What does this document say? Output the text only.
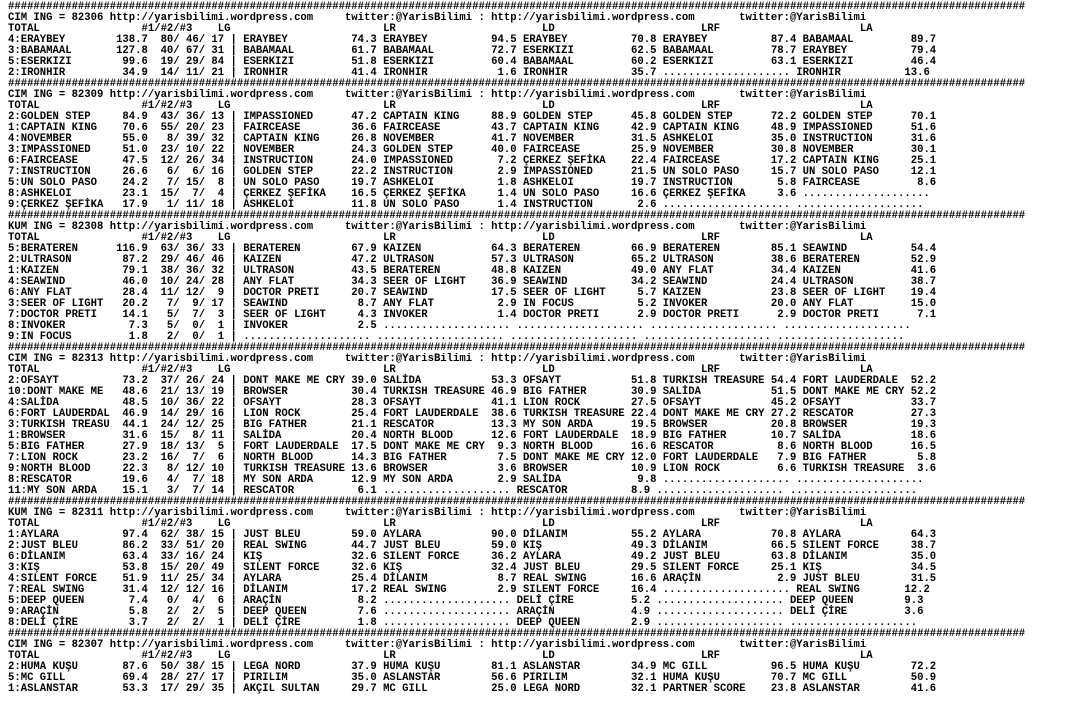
################################################################################################################################################################
CIM ING = 82306 http://yarisbilimi.wordpress.com     twitter:@YarisBilimi : http://yarisbilimi.wordpress.com       twitter:@YarisBilimi
TOTAL                #1/#2/#3    LG                        LR                       LD                       LRF                      LA
4:ERAYBEY        138.7  80/ 46/ 17 | ERAYBEY          74.3 ERAYBEY          94.5 ERAYBEY          70.8 ERAYBEY          87.4 BABAMAAL         89.7
3:BABAMAAL       127.8  40/ 67/ 31 | BABAMAAL         61.7 BABAMAAL         72.7 ESERKIZI         62.5 BABAMAAL         78.7 ERAYBEY          79.4
5:ESERKIZI        99.6  19/ 29/ 84 | ESERKIZI         51.8 ESERKIZI         60.4 BABAMAAL         60.2 ESERKIZI         63.1 ESERKIZI         46.4
2:IRONHIR         34.9  14/ 11/ 21 | IRONHIR          41.4 IRONHIR           1.6 IRONHIR          35.7 .................... IRONHIR          13.6
################################################################################################################################################################
CIM ING = 82309 http://yarisbilimi.wordpress.com     twitter:@YarisBilimi : http://yarisbilimi.wordpress.com       twitter:@YarisBilimi
TOTAL                #1/#2/#3    LG                        LR                       LD                       LRF                      LA
2:GOLDEN STEP     84.9  43/ 36/ 13 | IMPASSIONED      47.2 CAPTAIN KING     88.9 GOLDEN STEP      45.8 GOLDEN STEP      72.2 GOLDEN STEP      70.1
1:CAPTAIN KING    70.6  55/ 20/ 23 | FAIRCEASE        36.6 FAIRCEASE        43.7 CAPTAIN KING     42.9 CAPTAIN KING     48.9 IMPASSIONED      51.6
4:NOVEMBER        55.0   8/ 39/ 32 | CAPTAIN KING     26.8 NOVEMBER         41.7 NOVEMBER         31.5 ASHKELOI         35.0 INSTRUCTION      31.6
3:IMPASSIONED     51.0  23/ 10/ 22 | NOVEMBER         24.3 GOLDEN STEP      40.0 FAIRCEASE        25.9 NOVEMBER         30.8 NOVEMBER         30.1
6:FAIRCEASE       47.5  12/ 26/ 34 | INSTRUCTION      24.0 IMPASSIONED       7.2 ÇERKEZ ŞEFİKA    22.4 FAIRCEASE        17.2 CAPTAIN KING     25.1
7:INSTRUCTION     26.6   6/  6/ 16 | GOLDEN STEP      22.2 INSTRUCTION       2.9 IMPASSIONED      21.5 UN SOLO PASO     15.7 UN SOLO PASO     12.1
5:UN SOLO PASO    24.2   7/ 15/  8 | UN SOLO PASO     19.7 ASHKELOI          1.8 ASHKELOI         19.7 INSTRUCTION       5.8 FAIRCEASE         8.6
8:ASHKELOI        23.1  15/  7/  4 | ÇERKEZ ŞEFİKA    16.5 ÇERKEZ ŞEFİKA     1.4 UN SOLO PASO     16.6 ÇERKEZ ŞEFİKA     3.6 ....................
9:ÇERKEZ ŞEFİKA   17.9   1/ 11/ 18 | ASHKELOI         11.8 UN SOLO PASO      1.4 INSTRUCTION       2.6 .................... ....................
################################################################################################################################################################
KUM ING = 82308 http://yarisbilimi.wordpress.com     twitter:@YarisBilimi : http://yarisbilimi.wordpress.com       twitter:@YarisBilimi
TOTAL                #1/#2/#3    LG                        LR                       LD                       LRF                      LA
5:BERATEREN      116.9  63/ 36/ 33 | BERATEREN        67.9 KAIZEN           64.3 BERATEREN        66.9 BERATEREN        85.1 SEAWIND          54.4
2:ULTRASON        87.2  29/ 46/ 46 | KAIZEN           47.2 ULTRASON         57.3 ULTRASON         65.2 ULTRASON         38.6 BERATEREN        52.9
1:KAIZEN          79.1  38/ 36/ 32 | ULTRASON         43.5 BERATEREN        48.8 KAIZEN           49.0 ANY FLAT         34.4 KAIZEN           41.6
4:SEAWIND         46.0  10/ 24/ 28 | ANY FLAT         34.3 SEER OF LIGHT    36.9 SEAWIND          34.2 SEAWIND          24.4 ULTRASON         38.7
6:ANY FLAT        28.4  11/ 12/  9 | DOCTOR PRETI     20.7 SEAWIND          17.5 SEER OF LIGHT     5.7 KAIZEN           23.8 SEER OF LIGHT    19.4
3:SEER OF LIGHT   20.2   7/  9/ 17 | SEAWIND           8.7 ANY FLAT          2.9 IN FOCUS          5.2 INVOKER          20.0 ANY FLAT         15.0
7:DOCTOR PRETI    14.1   5/  7/  3 | SEER OF LIGHT     4.3 INVOKER           1.4 DOCTOR PRETI      2.9 DOCTOR PRETI      2.9 DOCTOR PRETI      7.1
8:INVOKER          7.3   5/  0/  1 | INVOKER           2.5 .................... .................... .................... ....................
9:IN FOCUS         1.8   2/  0/  1 | .................... .................... .................... .................... ....................
################################################################################################################################################################
CIM ING = 82313 http://yarisbilimi.wordpress.com     twitter:@YarisBilimi : http://yarisbilimi.wordpress.com       twitter:@YarisBilimi
TOTAL                #1/#2/#3    LG                        LR                       LD                       LRF                      LA
2:OFSAYT          73.2  37/ 26/ 24 | DONT MAKE ME CRY 39.0 SALİDA           53.3 OFSAYT           51.8 TURKISH TREASURE 54.4 FORT LAUDERDALE  52.2
10:DONT MAKE ME   48.6  21/ 13/ 19 | BROWSER          30.4 TURKISH TREASURE 46.9 BIG FATHER       30.9 SALİDA           51.5 DONT MAKE ME CRY 52.2
4:SALİDA          48.5  10/ 36/ 22 | OFSAYT           28.3 OFSAYT           41.1 LION ROCK        27.5 OFSAYT           45.2 OFSAYT           33.7
6:FORT LAUDERDAL  46.9  14/ 29/ 16 | LION ROCK        25.4 FORT LAUDERDALE  38.6 TURKISH TREASURE 22.4 DONT MAKE ME CRY 27.2 RESCATOR         27.3
3:TURKISH TREASU  44.1  24/ 12/ 25 | BIG FATHER       21.1 RESCATOR         13.3 MY SON ARDA      19.5 BROWSER          20.8 BROWSER          19.3
1:BROWSER         31.6  15/  8/ 11 | SALİDA           20.4 NORTH BLOOD      12.6 FORT LAUDERDALE  18.9 BIG FATHER       10.7 SALİDA           18.6
5:BIG FATHER      27.9  18/ 13/  5 | FORT LAUDERDALE  17.5 DONT MAKE ME CRY  9.3 NORTH BLOOD      16.6 RESCATOR          8.6 NORTH BLOOD      16.5
7:LION ROCK       23.2  16/  7/  6 | NORTH BLOOD      14.3 BIG FATHER        7.5 DONT MAKE ME CRY 12.0 FORT LAUDERDALE   7.9 BIG FATHER        5.8
9:NORTH BLOOD     22.3   8/ 12/ 10 | TURKISH TREASURE 13.6 BROWSER           3.6 BROWSER          10.9 LION ROCK         6.6 TURKISH TREASURE  3.6
8:RESCATOR        19.6   4/  7/ 18 | MY SON ARDA      12.9 MY SON ARDA       2.9 SALİDA            9.8 .................... ....................
11:MY SON ARDA    15.1   3/  7/ 14 | RESCATOR          6.1 .................... RESCATOR          8.9 .................... ....................
################################################################################################################################################################
KUM ING = 82311 http://yarisbilimi.wordpress.com     twitter:@YarisBilimi : http://yarisbilimi.wordpress.com       twitter:@YarisBilimi
TOTAL                #1/#2/#3    LG                        LR                       LD                       LRF                      LA
1:AYLARA          97.4  62/ 38/ 15 | JUST BLEU        59.0 AYLARA           90.0 DİLANIM          55.2 AYLARA           70.8 AYLARA           64.3
2:JUST BLEU       86.2  33/ 51/ 20 | REAL SWING       44.7 JUST BLEU        59.0 KIŞ              49.3 DİLANIM          66.5 SILENT FORCE     38.7
6:DİLANIM         63.4  33/ 16/ 24 | KIŞ              32.6 SILENT FORCE     36.2 AYLARA           49.2 JUST BLEU        63.8 DİLANIM          35.0
3:KIŞ             53.8  15/ 20/ 49 | SILENT FORCE     32.6 KIŞ              32.4 JUST BLEU        29.5 SILENT FORCE     25.1 KIŞ              34.5
4:SILENT FORCE    51.9  11/ 25/ 34 | AYLARA           25.4 DİLANIM           8.7 REAL SWING       16.6 ARAÇİN            2.9 JUST BLEU        31.5
7:REAL SWING      31.4  12/ 12/ 16 | DİLANIM          17.2 REAL SWING        2.9 SILENT FORCE     16.4 .................... REAL SWING       12.2
5:DEEP QUEEN       7.4   0/  4/  6 | ARAÇİN            8.2 .................... DELİ ÇİRE         5.2 .................... DEEP QUEEN        9.3
9:ARAÇİN           5.8   2/  2/  5 | DEEP QUEEN        7.6 .................... ARAÇİN            4.9 .................... DELİ ÇİRE         3.6
8:DELİ ÇİRE        3.7   2/  2/  1 | DELİ ÇİRE         1.8 .................... DEEP QUEEN        2.9 .................... ....................
################################################################################################################################################################
CIM ING = 82307 http://yarisbilimi.wordpress.com     twitter:@YarisBilimi : http://yarisbilimi.wordpress.com       twitter:@YarisBilimi
TOTAL                #1/#2/#3    LG                        LR                       LD                       LRF                      LA
2:HUMA KUŞU       87.6  50/ 38/ 15 | LEGA NORD        37.9 HUMA KUŞU        81.1 ASLANSTAR        34.9 MC GILL          96.5 HUMA KUŞU        72.2
5:MC GILL         69.4  28/ 27/ 17 | PIRILIM          35.0 ASLANSTAR        56.6 PIRILIM          32.1 HUMA KUŞU        70.7 MC GILL          50.9
1:ASLANSTAR       53.3  17/ 29/ 35 | AKÇIL SULTAN     29.7 MC GILL          25.0 LEGA NORD        32.1 PARTNER SCORE    23.8 ASLANSTAR        41.6
